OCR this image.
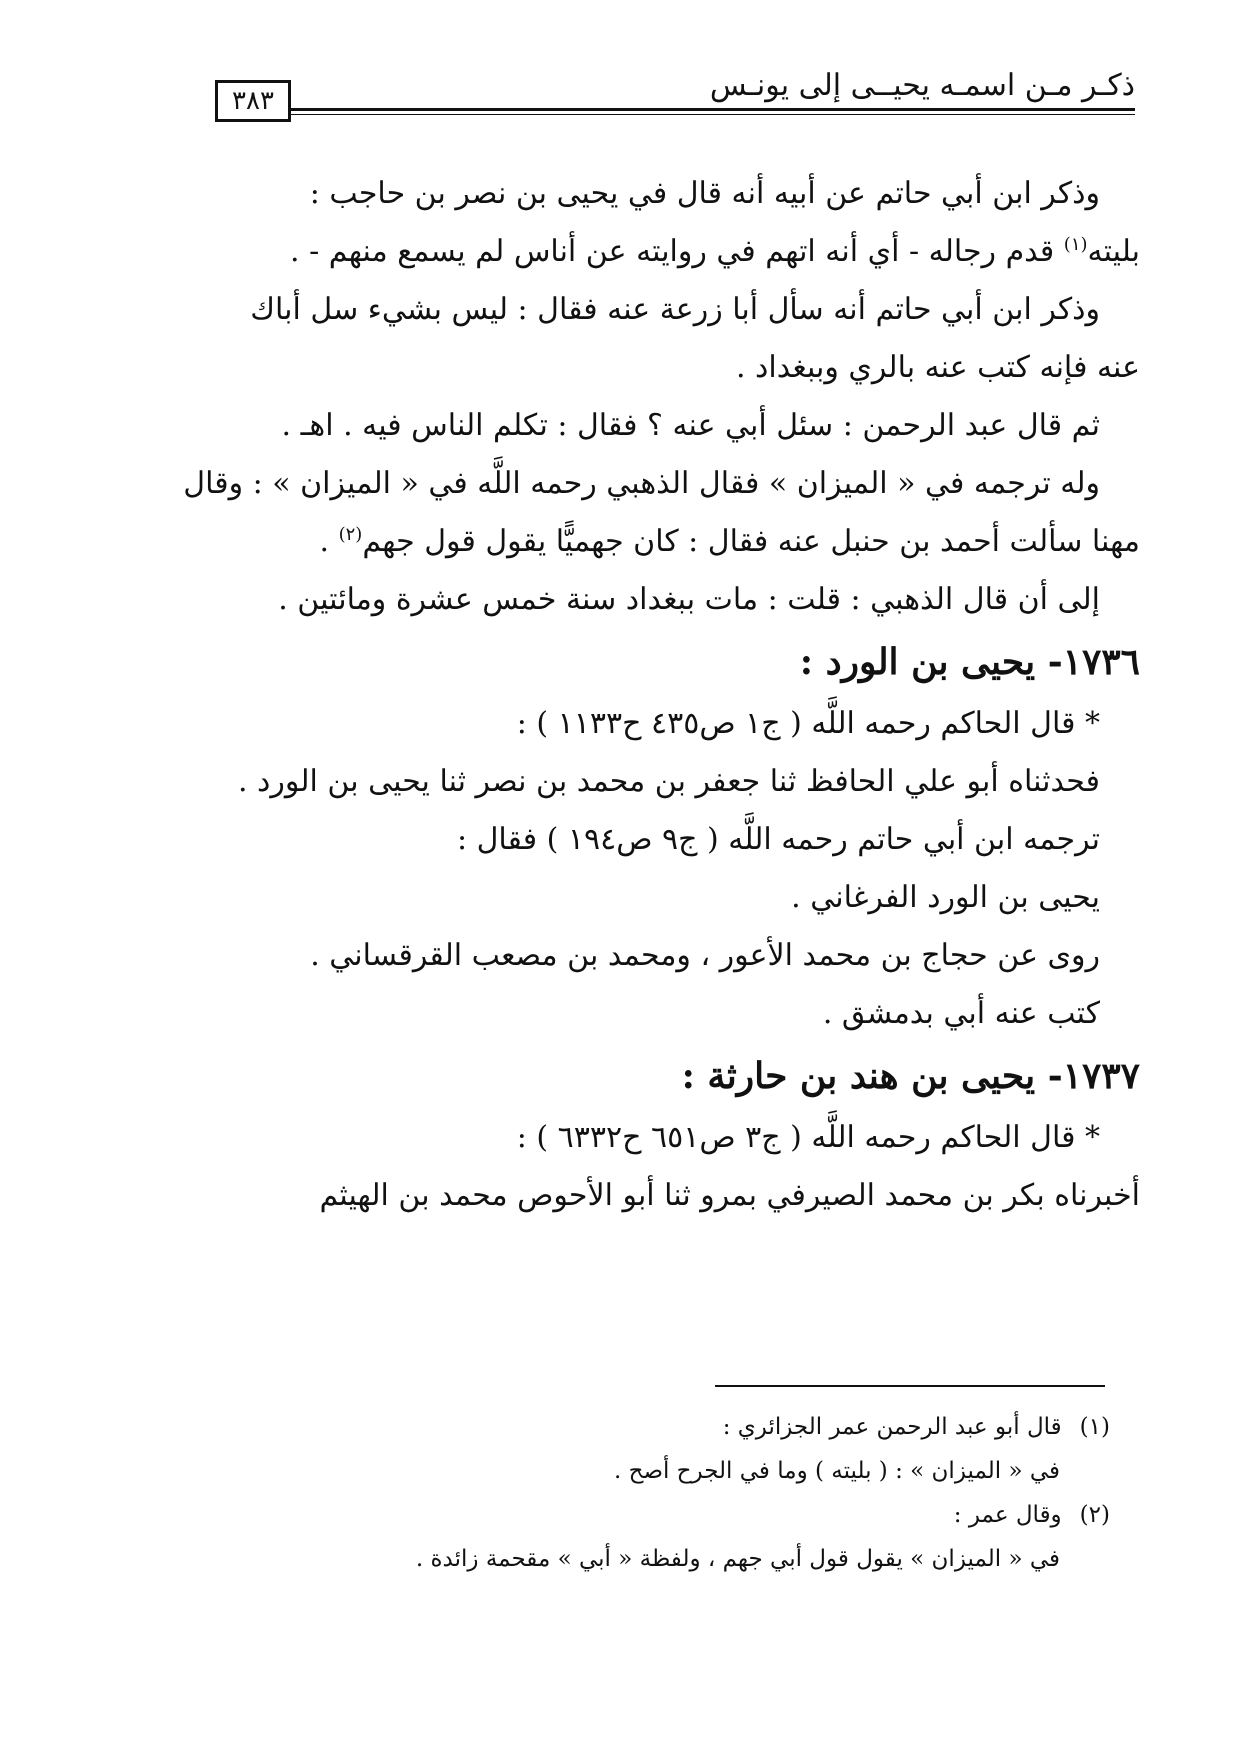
ذكـر مـن اسمـه يحيــى إلى يونـس
٣٨٣
وذكر ابن أبي حاتم عن أبيه أنه قال في يحيى بن نصر بن حاجب :
بليته$^{(١)}$ قدم رجاله - أي أنه اتهم في روايته عن أناس لم يسمع منهم - .
وذكر ابن أبي حاتم أنه سأل أبا زرعة عنه فقال : ليس بشيء سل أباك
عنه فإنه كتب عنه بالري وببغداد .
ثم قال عبد الرحمن : سئل أبي عنه ؟ فقال : تكلم الناس فيه . اهـ .
وله ترجمه في « الميزان » فقال الذهبي رحمه اللَّه في « الميزان » : وقال
مهنا سألت أحمد بن حنبل عنه فقال : كان جهميًّا يقول قول جهم$^{(٢)}$ .
إلى أن قال الذهبي : قلت : مات ببغداد سنة خمس عشرة ومائتين .
١٧٣٦- يحيى بن الورد :
* قال الحاكم رحمه اللَّه ( ج١ ص٤٣٥ ح١١٣٣ ) :
فحدثناه أبو علي الحافظ ثنا جعفر بن محمد بن نصر ثنا يحيى بن الورد .
ترجمه ابن أبي حاتم رحمه اللَّه ( ج٩ ص١٩٤ ) فقال :
يحيى بن الورد الفرغاني .
روى عن حجاج بن محمد الأعور ، ومحمد بن مصعب القرقساني .
كتب عنه أبي بدمشق .
١٧٣٧- يحيى بن هند بن حارثة :
* قال الحاكم رحمه اللَّه ( ج٣ ص٦٥١ ح٦٣٣٢ ) :
أخبرناه بكر بن محمد الصيرفي بمرو ثنا أبو الأحوص محمد بن الهيثم
(١)قال أبو عبد الرحمن عمر الجزائري :
في « الميزان » : ( بليته ) وما في الجرح أصح .
(٢)وقال عمر :
في « الميزان » يقول قول أبي جهم ، ولفظة « أبي » مقحمة زائدة .
